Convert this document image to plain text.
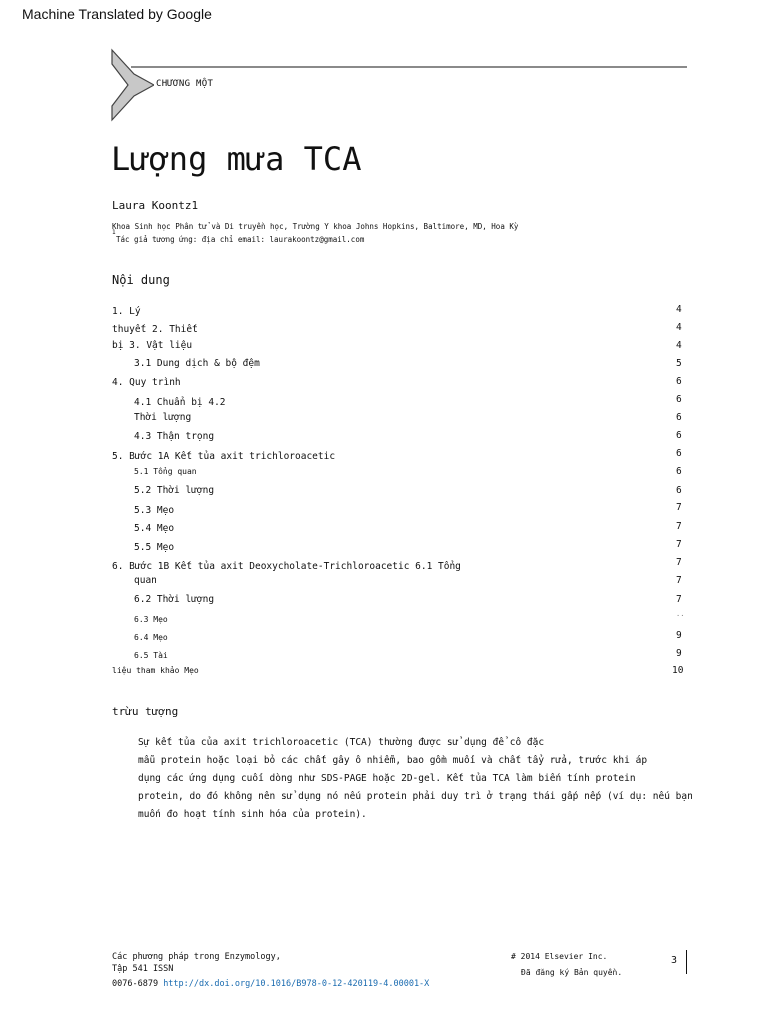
Machine Translated by Google
CHƯƠNG MỘT
Lượng mưa TCA
Laura Koontz1
Khoa Sinh học Phân tử và Di truyền học, Trường Y khoa Johns Hopkins, Baltimore, MD, Hoa Kỳ
1
Tác giả tương ứng: địa chỉ email: laurakoontz@gmail.com
Nội dung
1. Lý	4
thuyết 2. Thiết	4
bị 3. Vật liệu	4
3.1 Dung dịch & bộ đệm	5
4. Quy trình	6
4.1 Chuẩn bị 4.2	6
Thời lượng	6
4.3 Thận trọng	6
5. Bước 1A Kết tủa axit trichloroacetic	6
5.1 Tổng quan	6
5.2 Thời lượng	6
5.3 Mẹo	7
5.4 Mẹo	7
5.5 Mẹo	7
6. Bước 1B Kết tủa axit Deoxycholate-Trichloroacetic 6.1 Tổng	7
quan	7
6.2 Thời lượng	7
6.3 Mẹo	··
6.4 Mẹo	9
6.5 Tài	9
liệu tham khảo Mẹo	10
trừu tượng
Sự kết tủa của axit trichloroacetic (TCA) thường được sử dụng để cô đặc
mẫu protein hoặc loại bỏ các chất gây ô nhiễm, bao gồm muối và chất tẩy rửa, trước khi áp
dụng các ứng dụng cuối dòng như SDS-PAGE hoặc 2D-gel. Kết tủa TCA làm biến tính protein
protein, do đó không nên sử dụng nó nếu protein phải duy trì ở trạng thái gấp nếp (ví dụ: nếu bạn
muốn đo hoạt tính sinh hóa của protein).
Các phương pháp trong Enzymology,
Tập 541 ISSN
0076-6879 http://dx.doi.org/10.1016/B978-0-12-420119-4.00001-X
# 2014 Elsevier Inc.
Đã đăng ký Bản quyền.
3
